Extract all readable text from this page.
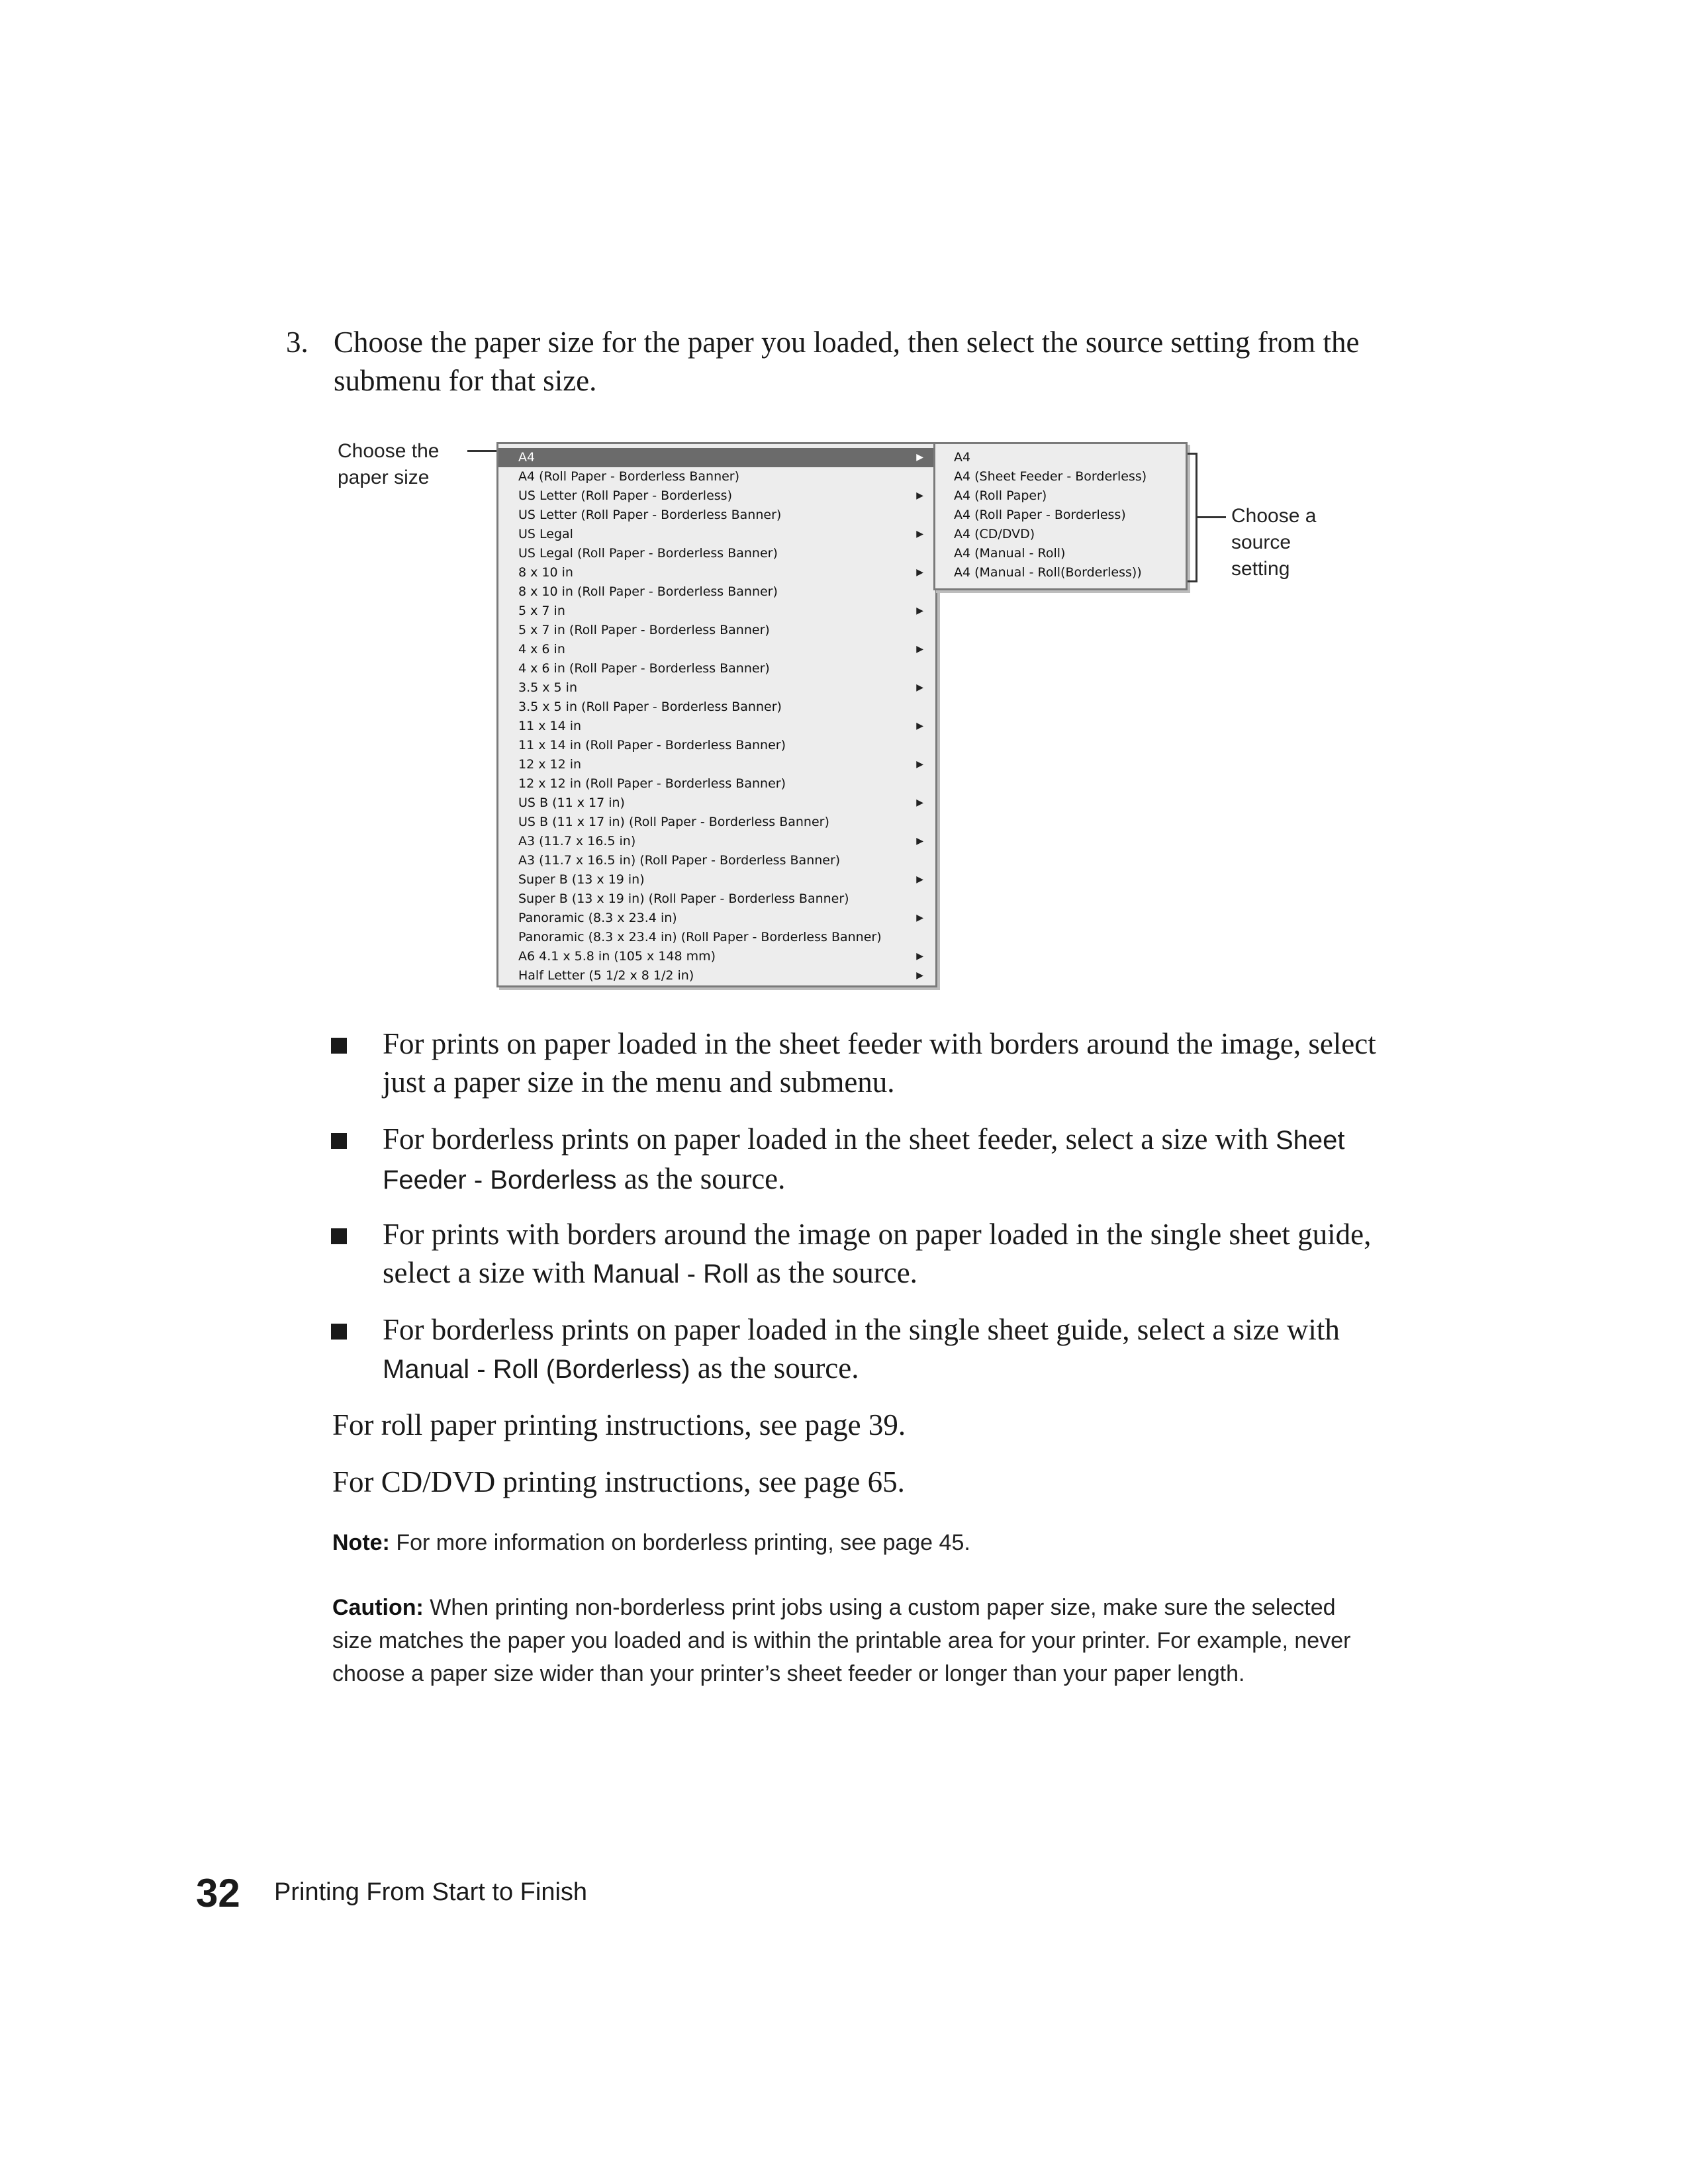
3. Choose the paper size for the paper you loaded, then select the source setting from the submenu for that size.
Choose the paper size
A4	▶
A4 (Roll Paper - Borderless Banner)
US Letter (Roll Paper - Borderless)	▶
US Letter (Roll Paper - Borderless Banner)
US Legal	▶
US Legal (Roll Paper - Borderless Banner)
8 x 10 in	▶
8 x 10 in (Roll Paper - Borderless Banner)
5 x 7 in	▶
5 x 7 in (Roll Paper - Borderless Banner)
4 x 6 in	▶
4 x 6 in (Roll Paper - Borderless Banner)
3.5 x 5 in	▶
3.5 x 5 in (Roll Paper - Borderless Banner)
11 x 14 in	▶
11 x 14 in (Roll Paper - Borderless Banner)
12 x 12 in	▶
12 x 12 in (Roll Paper - Borderless Banner)
US B (11 x 17 in)	▶
US B (11 x 17 in) (Roll Paper - Borderless Banner)
A3 (11.7 x 16.5 in)	▶
A3 (11.7 x 16.5 in) (Roll Paper - Borderless Banner)
Super B (13 x 19 in)	▶
Super B (13 x 19 in) (Roll Paper - Borderless Banner)
Panoramic (8.3 x 23.4 in)	▶
Panoramic (8.3 x 23.4 in) (Roll Paper - Borderless Banner)
A6 4.1 x 5.8 in (105 x 148 mm)	▶
Half Letter (5 1/2 x 8 1/2 in)	▶
A4
A4 (Sheet Feeder - Borderless)
A4 (Roll Paper)
A4 (Roll Paper - Borderless)
A4 (CD/DVD)
A4 (Manual - Roll)
A4 (Manual - Roll(Borderless))
Choose a source setting
For prints on paper loaded in the sheet feeder with borders around the image, select just a paper size in the menu and submenu.
For borderless prints on paper loaded in the sheet feeder, select a size with Sheet Feeder - Borderless as the source.
For prints with borders around the image on paper loaded in the single sheet guide, select a size with Manual - Roll as the source.
For borderless prints on paper loaded in the single sheet guide, select a size with Manual - Roll (Borderless) as the source.
For roll paper printing instructions, see page 39.
For CD/DVD printing instructions, see page 65.
Note: For more information on borderless printing, see page 45.
Caution: When printing non-borderless print jobs using a custom paper size, make sure the selected size matches the paper you loaded and is within the printable area for your printer. For example, never choose a paper size wider than your printer’s sheet feeder or longer than your paper length.
32 Printing From Start to Finish
